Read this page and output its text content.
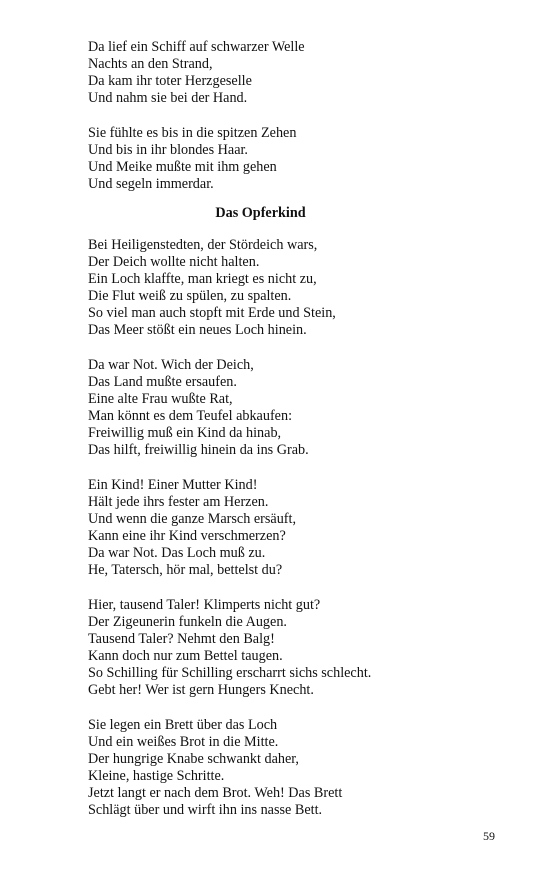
Da lief ein Schiff auf schwarzer Welle
Nachts an den Strand,
Da kam ihr toter Herzgeselle
Und nahm sie bei der Hand.
Sie fühlte es bis in die spitzen Zehen
Und bis in ihr blondes Haar.
Und Meike mußte mit ihm gehen
Und segeln immerdar.
Das Opferkind
Bei Heiligenstedten, der Stördeich wars,
Der Deich wollte nicht halten.
Ein Loch klaffte, man kriegt es nicht zu,
Die Flut weiß zu spülen, zu spalten.
So viel man auch stopft mit Erde und Stein,
Das Meer stößt ein neues Loch hinein.
Da war Not. Wich der Deich,
Das Land mußte ersaufen.
Eine alte Frau wußte Rat,
Man könnt es dem Teufel abkaufen:
Freiwillig muß ein Kind da hinab,
Das hilft, freiwillig hinein da ins Grab.
Ein Kind! Einer Mutter Kind!
Hält jede ihrs fester am Herzen.
Und wenn die ganze Marsch ersäuft,
Kann eine ihr Kind verschmerzen?
Da war Not. Das Loch muß zu.
He, Tatersch, hör mal, bettelst du?
Hier, tausend Taler! Klimperts nicht gut?
Der Zigeunerin funkeln die Augen.
Tausend Taler? Nehmt den Balg!
Kann doch nur zum Bettel taugen.
So Schilling für Schilling erscharrt sichs schlecht.
Gebt her! Wer ist gern Hungers Knecht.
Sie legen ein Brett über das Loch
Und ein weißes Brot in die Mitte.
Der hungrige Knabe schwankt daher,
Kleine, hastige Schritte.
Jetzt langt er nach dem Brot. Weh! Das Brett
Schlägt über und wirft ihn ins nasse Bett.
59
